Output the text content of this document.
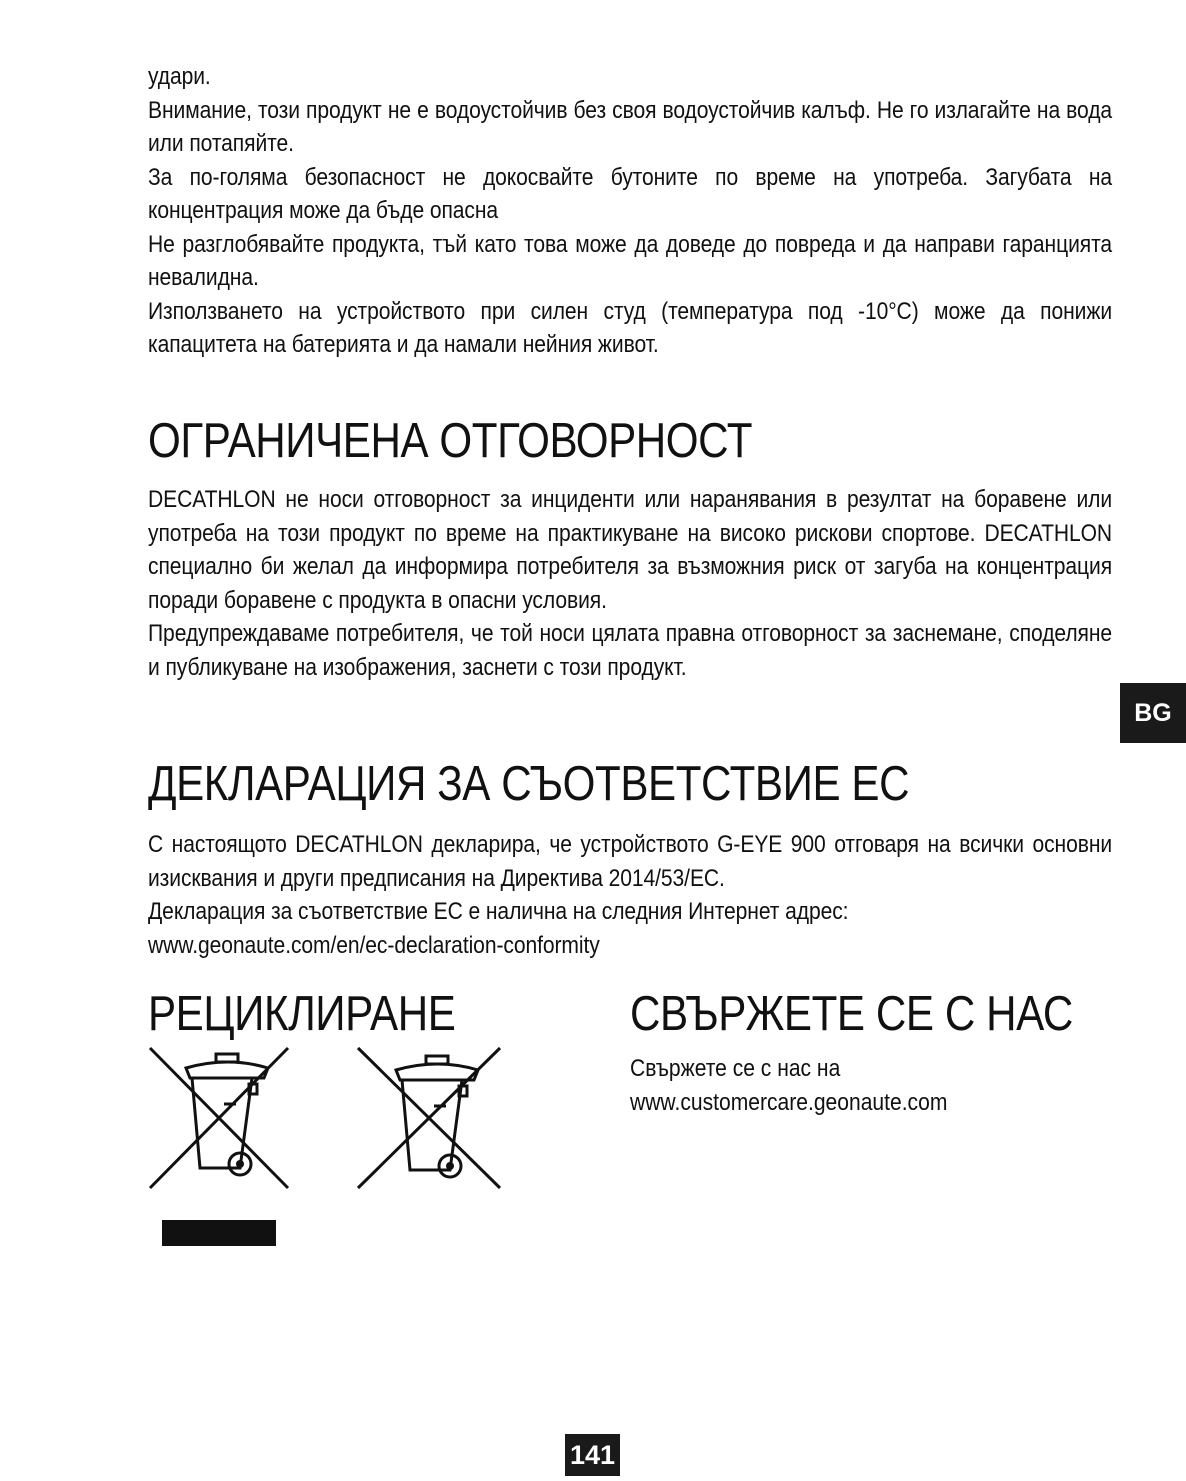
удари.

Внимание, този продукт не е водоустойчив без своя водоустойчив калъф. Не го излагайте на вода или потапяйте.

За по-голяма безопасност не докосвайте бутоните по време на употреба. Загубата на концентрация може да бъде опасна

Не разглобявайте продукта, тъй като това може да доведе до повреда и да направи гаранцията невалидна.

Използването на устройството при силен студ (температура под -10°C) може да понижи капацитета на батерията и да намали нейния живот.

ОГРАНИЧЕНА ОТГОВОРНОСТ

DECATHLON не носи отговорност за инциденти или наранявания в резултат на боравене или употреба на този продукт по време на практикуване на високо рискови спортове. DECATHLON специално би желал да информира потребителя за възможния риск от загуба на концентрация поради боравене с продукта в опасни условия.

Предупреждаваме потребителя, че той носи цялата правна отговорност за заснемане, споделяне и публикуване на изображения, заснети с този продукт.

ДЕКЛАРАЦИЯ ЗА СЪОТВЕТСТВИЕ ЕС

С настоящото DECATHLON декларира, че устройството G-EYE 900 отговаря на всички основни изисквания и други предписания на Директива 2014/53/ЕС.

Декларация за съответствие ЕС е налична на следния Интернет адрес:

www.geonaute.com/en/ec-declaration-conformity

РЕЦИКЛИРАНЕ	СВЪРЖЕТЕ СЕ С НАС
Свържете се с нас на
www.customercare.geonaute.com
BG
141
